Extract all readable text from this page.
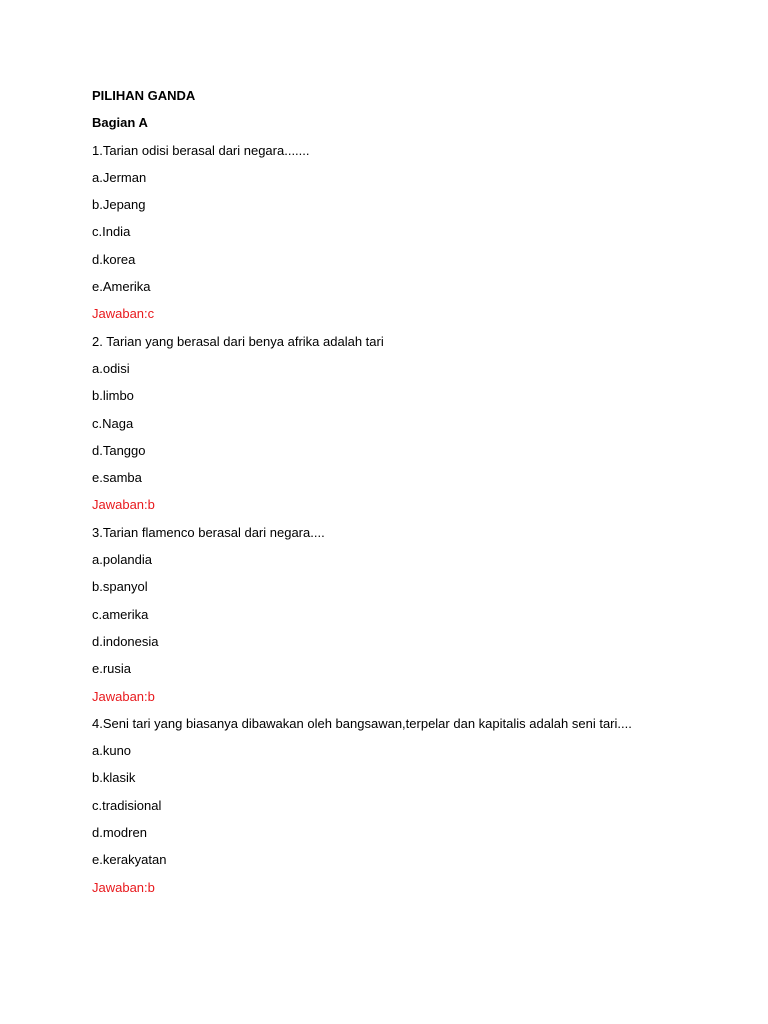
PILIHAN GANDA
Bagian A
1.Tarian odisi berasal dari negara.......
a.Jerman
b.Jepang
c.India
d.korea
e.Amerika
Jawaban:c
2. Tarian yang berasal dari benya afrika adalah tari
a.odisi
b.limbo
c.Naga
d.Tanggo
e.samba
Jawaban:b
3.Tarian flamenco berasal dari negara....
a.polandia
b.spanyol
c.amerika
d.indonesia
e.rusia
Jawaban:b
4.Seni tari yang biasanya dibawakan oleh bangsawan,terpelar dan kapitalis adalah seni tari....
a.kuno
b.klasik
c.tradisional
d.modren
e.kerakyatan
Jawaban:b
